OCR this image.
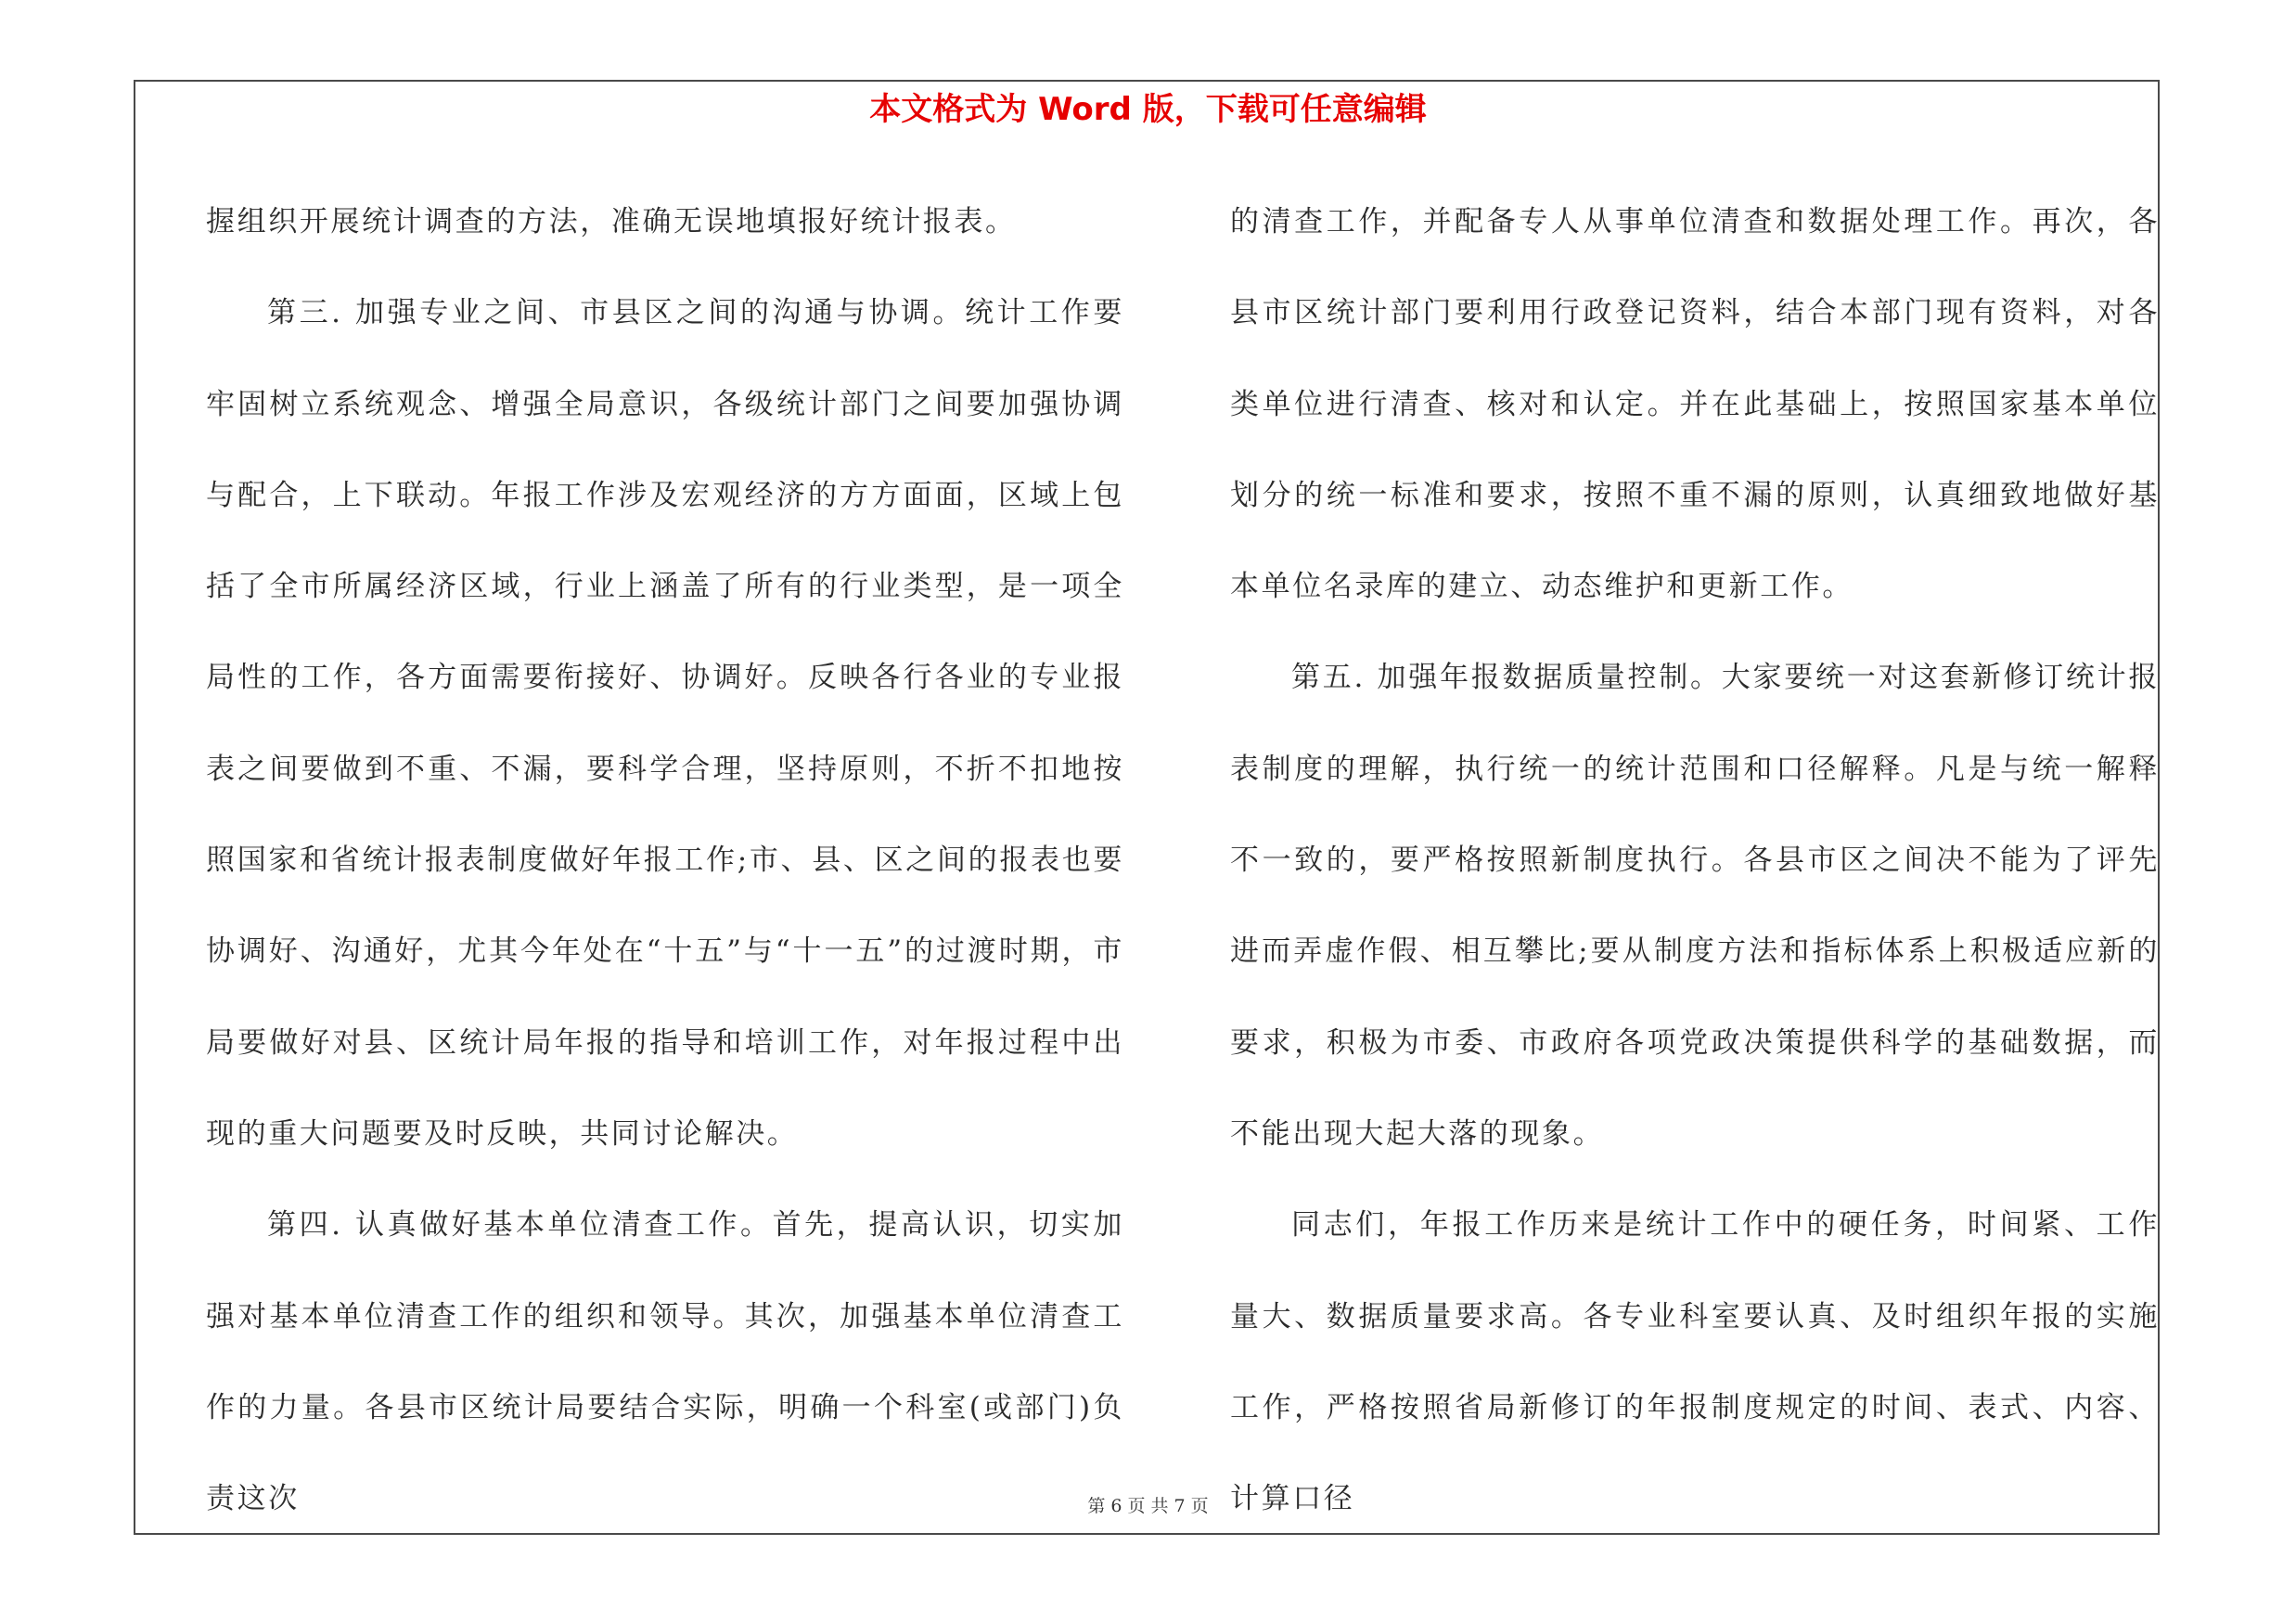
本文格式为 Word 版，下载可任意编辑

握组织开展统计调查的方法，准确无误地填报好统计报表。

第三. 加强专业之间、市县区之间的沟通与协调。统计工作要牢固树立系统观念、增强全局意识，各级统计部门之间要加强协调与配合，上下联动。年报工作涉及宏观经济的方方面面，区域上包括了全市所属经济区域，行业上涵盖了所有的行业类型，是一项全局性的工作，各方面需要衔接好、协调好。反映各行各业的专业报表之间要做到不重、不漏，要科学合理，坚持原则，不折不扣地按照国家和省统计报表制度做好年报工作;市、县、区之间的报表也要协调好、沟通好，尤其今年处在“十五”与“十一五”的过渡时期，市局要做好对县、区统计局年报的指导和培训工作，对年报过程中出现的重大问题要及时反映，共同讨论解决。

第四. 认真做好基本单位清查工作。首先，提高认识，切实加强对基本单位清查工作的组织和领导。其次，加强基本单位清查工作的力量。各县市区统计局要结合实际，明确一个科室(或部门)负责这次

的清查工作，并配备专人从事单位清查和数据处理工作。再次，各县市区统计部门要利用行政登记资料，结合本部门现有资料，对各类单位进行清查、核对和认定。并在此基础上，按照国家基本单位划分的统一标准和要求，按照不重不漏的原则，认真细致地做好基本单位名录库的建立、动态维护和更新工作。

第五. 加强年报数据质量控制。大家要统一对这套新修订统计报表制度的理解，执行统一的统计范围和口径解释。凡是与统一解释不一致的，要严格按照新制度执行。各县市区之间决不能为了评先进而弄虚作假、相互攀比;要从制度方法和指标体系上积极适应新的要求，积极为市委、市政府各项党政决策提供科学的基础数据，而不能出现大起大落的现象。

同志们，年报工作历来是统计工作中的硬任务，时间紧、工作量大、数据质量要求高。各专业科室要认真、及时组织年报的实施工作，严格按照省局新修订的年报制度规定的时间、表式、内容、计算口径

第 6 页 共 7 页
